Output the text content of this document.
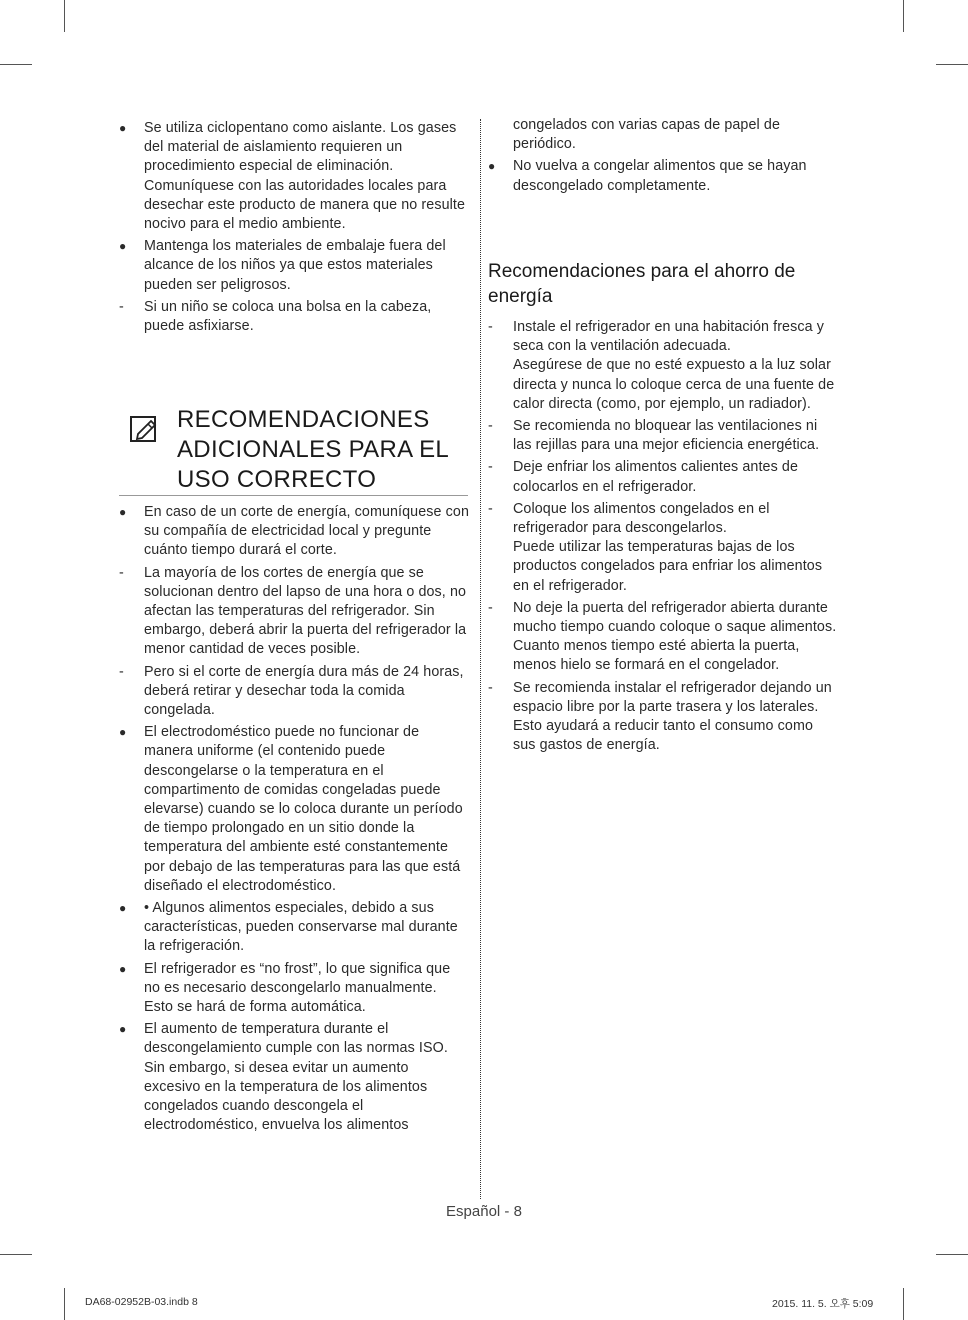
●	Se utiliza ciclopentano como aislante. Los gases del material de aislamiento requieren un procedimiento especial de eliminación. Comuníquese con las autoridades locales para desechar este producto de manera que no resulte nocivo para el medio ambiente.
●	Mantenga los materiales de embalaje fuera del alcance de los niños ya que estos materiales pueden ser peligrosos.
-	Si un niño se coloca una bolsa en la cabeza, puede asfixiarse.
RECOMENDACIONES
ADICIONALES PARA EL
USO CORRECTO
●	En caso de un corte de energía, comuníquese con su compañía de electricidad local y pregunte cuánto tiempo durará el corte.
-	La mayoría de los cortes de energía que se solucionan dentro del lapso de una hora o dos, no afectan las temperaturas del refrigerador. Sin embargo, deberá abrir la puerta del refrigerador la menor cantidad de veces posible.
-	Pero si el corte de energía dura más de 24 horas, deberá retirar y desechar toda la comida congelada.
●	El electrodoméstico puede no funcionar de manera uniforme (el contenido puede descongelarse o la temperatura en el compartimento de comidas congeladas puede elevarse) cuando se lo coloca durante un período de tiempo prolongado en un sitio donde la temperatura del ambiente esté constantemente por debajo de las temperaturas para las que está diseñado el electrodoméstico.
●	• Algunos alimentos especiales, debido a sus características, pueden conservarse mal durante la refrigeración.
●	El refrigerador es “no frost”, lo que significa que no es necesario descongelarlo manualmente. Esto se hará de forma automática.
●	El aumento de temperatura durante el descongelamiento cumple con las normas ISO.
Sin embargo, si desea evitar un aumento excesivo en la temperatura de los alimentos congelados cuando descongela el electrodoméstico, envuelva los alimentos
congelados con varias capas de papel de periódico.
●	No vuelva a congelar alimentos que se hayan descongelado completamente.
Recomendaciones para el ahorro de energía
-	Instale el refrigerador en una habitación fresca y seca con la ventilación adecuada.
Asegúrese de que no esté expuesto a la luz solar directa y nunca lo coloque cerca de una fuente de calor directa (como, por ejemplo, un radiador).
-	Se recomienda no bloquear las ventilaciones ni las rejillas para una mejor eficiencia energética.
-	Deje enfriar los alimentos calientes antes de colocarlos en el refrigerador.
-	Coloque los alimentos congelados en el refrigerador para descongelarlos.
Puede utilizar las temperaturas bajas de los productos congelados para enfriar los alimentos en el refrigerador.
-	No deje la puerta del refrigerador abierta durante mucho tiempo cuando coloque o saque alimentos.
Cuanto menos tiempo esté abierta la puerta, menos hielo se formará en el congelador.
-	Se recomienda instalar el refrigerador dejando un espacio libre por la parte trasera y los laterales. Esto ayudará a reducir tanto el consumo como sus gastos de energía.
Español - 8
DA68-02952B-03.indb 8	2015. 11. 5. 오후 5:09
